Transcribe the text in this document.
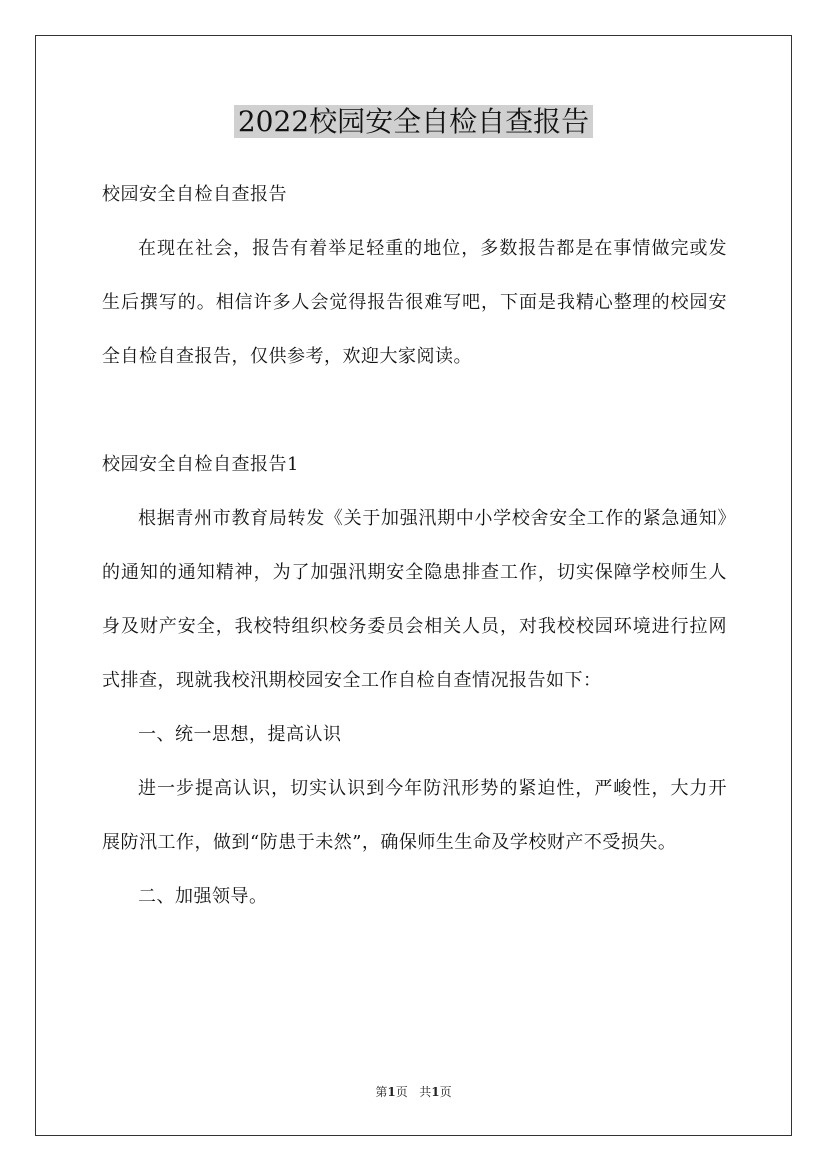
2022校园安全自检自查报告

校园安全自检自查报告

在现在社会，报告有着举足轻重的地位，多数报告都是在事情做完或发生后撰写的。相信许多人会觉得报告很难写吧，下面是我精心整理的校园安全自检自查报告，仅供参考，欢迎大家阅读。

校园安全自检自查报告1

根据青州市教育局转发《关于加强汛期中小学校舍安全工作的紧急通知》的通知的通知精神，为了加强汛期安全隐患排查工作，切实保障学校师生人身及财产安全，我校特组织校务委员会相关人员，对我校校园环境进行拉网式排查，现就我校汛期校园安全工作自检自查情况报告如下：

一、统一思想，提高认识

进一步提高认识，切实认识到今年防汛形势的紧迫性，严峻性，大力开展防汛工作，做到“防患于未然”，确保师生生命及学校财产不受损失。

二、加强领导。

第1页 共1页
